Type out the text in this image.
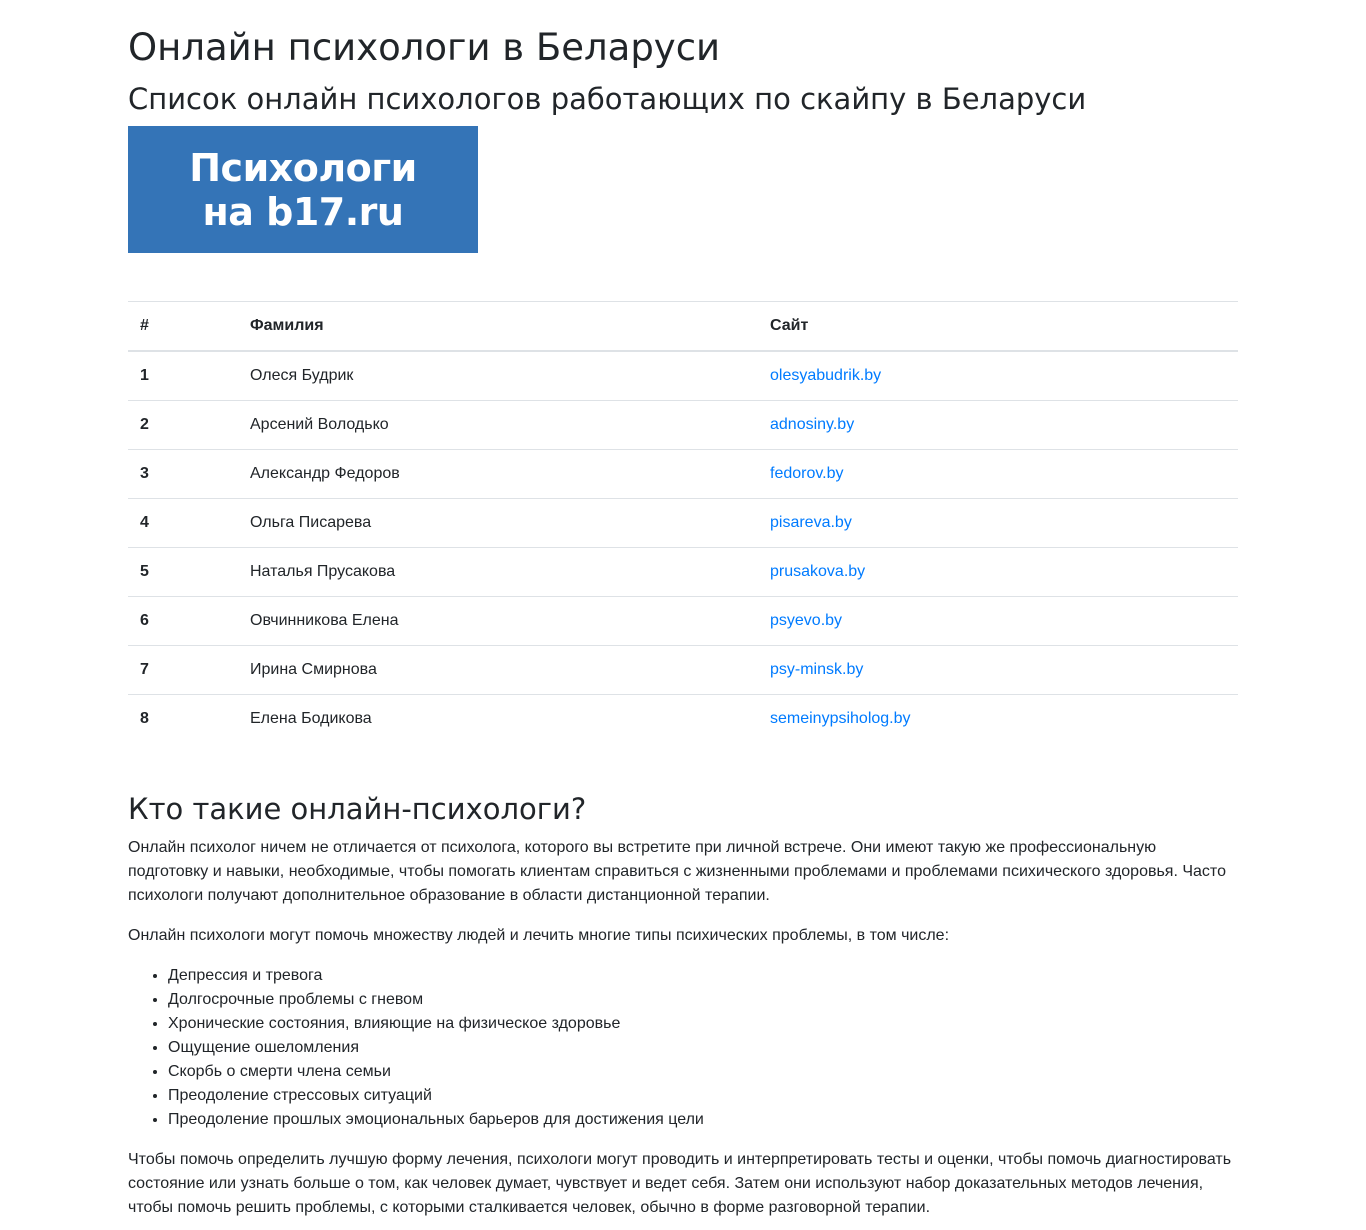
Онлайн психологи в Беларуси
Список онлайн психологов работающих по скайпу в Беларуси
Психологи
на b17.ru
#	Фамилия	Сайт
1	Олеся Будрик	olesyabudrik.by
2	Арсений Володько	adnosiny.by
3	Александр Федоров	fedorov.by
4	Ольга Писарева	pisareva.by
5	Наталья Прусакова	prusakova.by
6	Овчинникова Елена	psyevo.by
7	Ирина Смирнова	psy-minsk.by
8	Елена Бодикова	semeinypsiholog.by
Кто такие онлайн-психологи?

Онлайн психолог ничем не отличается от психолога, которого вы встретите при личной встрече. Они имеют такую же профессиональную подготовку и навыки, необходимые, чтобы помогать клиентам справиться с жизненными проблемами и проблемами психического здоровья. Часто психологи получают дополнительное образование в области дистанционной терапии.

Онлайн психологи могут помочь множеству людей и лечить многие типы психических проблемы, в том числе:

• Депрессия и тревога
• Долгосрочные проблемы с гневом
• Хронические состояния, влияющие на физическое здоровье
• Ощущение ошеломления
• Скорбь о смерти члена семьи
• Преодоление стрессовых ситуаций
• Преодоление прошлых эмоциональных барьеров для достижения цели

Чтобы помочь определить лучшую форму лечения, психологи могут проводить и интерпретировать тесты и оценки, чтобы помочь диагностировать состояние или узнать больше о том, как человек думает, чувствует и ведет себя. Затем они используют набор доказательных методов лечения, чтобы помочь решить проблемы, с которыми сталкивается человек, обычно в форме разговорной терапии.
